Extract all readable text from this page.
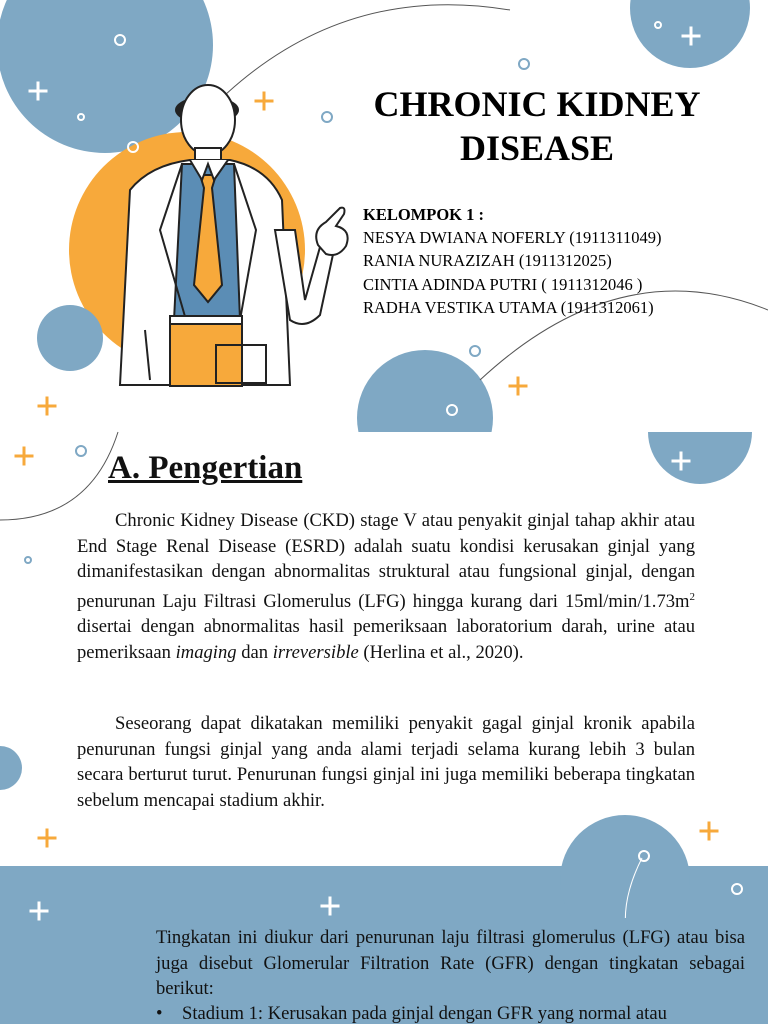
CHRONIC KIDNEY
DISEASE
KELOMPOK 1 :
NESYA DWIANA NOFERLY (1911311049)
RANIA NURAZIZAH (1911312025)
CINTIA ADINDA PUTRI ( 1911312046 )
RADHA VESTIKA UTAMA (1911312061)
A. Pengertian

Chronic Kidney Disease (CKD) stage V atau penyakit ginjal tahap akhir atau End Stage Renal Disease (ESRD) adalah suatu kondisi kerusakan ginjal yang dimanifestasikan dengan abnormalitas struktural atau fungsional ginjal, dengan penurunan Laju Filtrasi Glomerulus (LFG) hingga kurang dari $15ml/\min/1.73m^2$ disertai dengan abnormalitas hasil pemeriksaan laboratorium darah, urine atau pemeriksaan imaging dan irreversible (Herlina et al., 2020).

Seseorang dapat dikatakan memiliki penyakit gagal ginjal kronik apabila penurunan fungsi ginjal yang anda alami terjadi selama kurang lebih 3 bulan secara berturut turut. Penurunan fungsi ginjal ini juga memiliki beberapa tingkatan sebelum mencapai stadium akhir.

Tingkatan ini diukur dari penurunan laju filtrasi glomerulus (LFG) atau bisa juga disebut Glomerular Filtration Rate (GFR) dengan tingkatan sebagai berikut:

• Stadium 1: Kerusakan pada ginjal dengan GFR yang normal atau
